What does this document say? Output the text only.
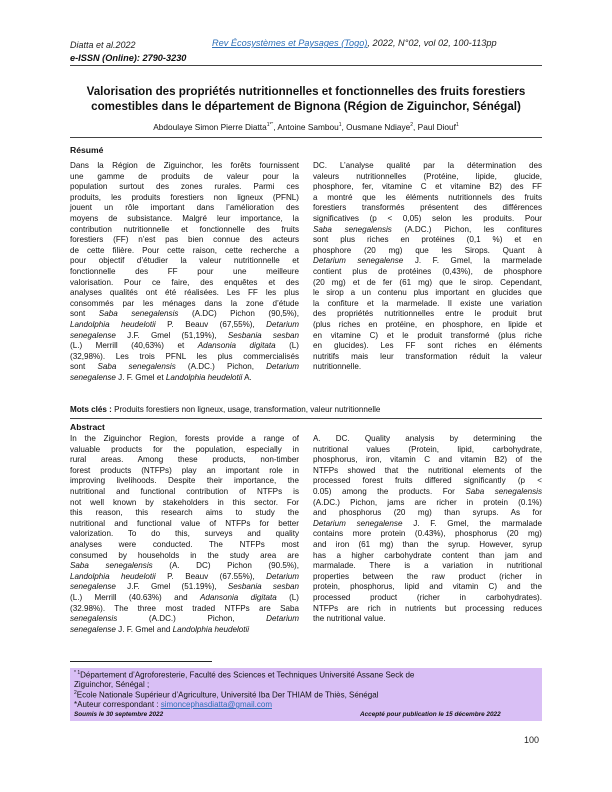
Diatta et al.2022	Rev Écosystèmes et Paysages (Togo), 2022, N°02, vol 02, 100-113pp
e-ISSN (Online): 2790-3230
Valorisation des propriétés nutritionnelles et fonctionnelles des fruits forestiers
comestibles dans le département de Bignona (Région de Ziguinchor, Sénégal)
Abdoulaye Simon Pierre Diatta$^{1*"}$, Antoine Sambou$^1$, Ousmane Ndiaye$^2$, Paul Diouf$^1$
Résumé
Dans la Région de Ziguinchor, les forêts fournissent
une gamme de produits de valeur pour la
population surtout des zones rurales. Parmi ces
produits, les produits forestiers non ligneux (PFNL)
jouent un rôle important dans l’amélioration des
moyens de subsistance. Malgré leur importance, la
contribution nutritionnelle et fonctionnelle des fruits
forestiers (FF) n’est pas bien connue des acteurs
de cette filière. Pour cette raison, cette recherche a
pour objectif d’étudier la valeur nutritionnelle et
fonctionnelle des FF pour une meilleure
valorisation. Pour ce faire, des enquêtes et des
analyses qualités ont été réalisées. Les FF les plus
consommés par les ménages dans la zone d’étude
sont Saba senegalensis (A.DC) Pichon (90,5%),
Landolphia heudelotii P. Beauv (67,55%), Detarium
senegalense J.F. Gmel (51,19%), Sesbania sesban
(L.) Merrill (40,63%) et Adansonia digitata (L)
(32,98%). Les trois PFNL les plus commercialisés
sont Saba senegalensis (A.DC.) Pichon, Detarium
senegalense J. F. Gmel et Landolphia heudelotii A.
DC. L’analyse qualité par la détermination des
valeurs nutritionnelles (Protéine, lipide, glucide,
phosphore, fer, vitamine C et vitamine B2) des FF
a montré que les éléments nutritionnels des fruits
forestiers transformés présentent des différences
significatives (p < 0,05) selon les produits. Pour
Saba senegalensis (A.DC.) Pichon, les confitures
sont plus riches en protéines (0,1 %) et en
phosphore (20 mg) que les Sirops. Quant à
Detarium senegalense J. F. Gmel, la marmelade
contient plus de protéines (0,43%), de phosphore
(20 mg) et de fer (61 mg) que le sirop. Cependant,
le sirop a un contenu plus important en glucides que
la confiture et la marmelade. Il existe une variation
des propriétés nutritionnelles entre le produit brut
(plus riches en protéine, en phosphore, en lipide et
en vitamine C) et le produit transformé (plus riche
en glucides). Les FF sont riches en éléments
nutritifs mais leur transformation réduit la valeur
nutritionnelle.
Mots clés : Produits forestiers non ligneux, usage, transformation, valeur nutritionnelle
Abstract
In the Ziguinchor Region, forests provide a range of
valuable products for the population, especially in
rural areas. Among these products, non-timber
forest products (NTFPs) play an important role in
improving livelihoods. Despite their importance, the
nutritional and functional contribution of NTFPs is
not well known by stakeholders in this sector. For
this reason, this research aims to study the
nutritional and functional value of NTFPs for better
valorization. To do this, surveys and quality
analyses were conducted. The NTFPs most
consumed by households in the study area are
Saba senegalensis (A. DC) Pichon (90.5%),
Landolphia heudelotii P. Beauv (67.55%), Detarium
senegalense J.F. Gmel (51.19%), Sesbania sesban
(L.) Merrill (40.63%) and Adansonia digitata (L)
(32.98%). The three most traded NTFPs are Saba
senegalensis (A.DC.) Pichon, Detarium
senegalense J. F. Gmel and Landolphia heudelotii
A. DC. Quality analysis by determining the
nutritional values (Protein, lipid, carbohydrate,
phosphorus, iron, vitamin C and vitamin B2) of the
NTFPs showed that the nutritional elements of the
processed forest fruits differed significantly (p <
0.05) among the products. For Saba senegalensis
(A.DC.) Pichon, jams are richer in protein (0.1%)
and phosphorus (20 mg) than syrups. As for
Detarium senegalense J. F. Gmel, the marmalade
contains more protein (0.43%), phosphorus (20 mg)
and iron (61 mg) than the syrup. However, syrup
has a higher carbohydrate content than jam and
marmalade. There is a variation in nutritional
properties between the raw product (richer in
protein, phosphorus, lipid and vitamin C) and the
processed product (richer in carbohydrates).
NTFPs are rich in nutrients but processing reduces
the nutritional value.
$^{* 1}$Département d’Agroforesterie, Faculté des Sciences et Techniques Université Assane Seck de
Ziguinchor, Sénégal ;
$^2$Ecole Nationale Supérieur d’Agriculture, Université Iba Der THIAM de Thiès, Sénégal
*Auteur correspondant : simoncephasdiatta@gmail.com
Soumis le 30 septembre 2022	Accepté pour publication le 15 décembre 2022
100
